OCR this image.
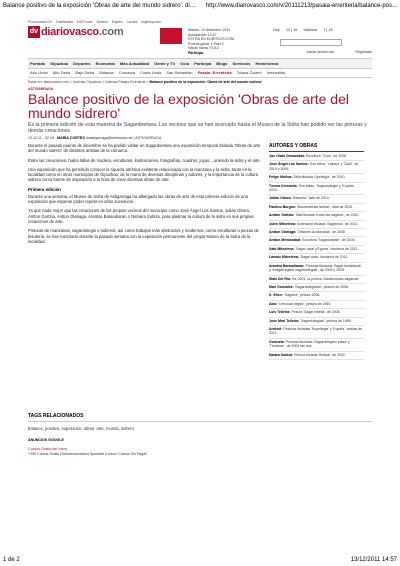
Balance positivo de la exposición 'Obras de arte del mundo sidrero'. di… http://www.diariovasco.com/v/20111213/pasaia-errenteria/balance-pos...
Promociones DV Clasificados 11870.com Vocento Empleo Coches mujerhoy.com
dv diariovasco.com	Martes, 13 diciembre 2011
Actualizado 14:47
EXTRA EN EUROSOS.COM
Podrás ganar 1.Pset 2
Válido hasta 7/1/12
Participa
Hoy 12 | 16 Mañana 7 | 15
Iniciar sesión con	Regístrate
Portada Gipuzkoa Deportes Economía Más Actualidad Gente y TV Ocio Participa Blogs Servicios Hemeroteca
Alto Urola Alto Deba Bajo Deba Bidasoa Comarca Costa Urola San Sebastián Pasaia -Errenteria Tolosa-Goierri Inmuebles
Estás en: diariovasco.com > Noticias Gipuzkoa > Noticias Pasaia Errenteria > Balance positivo de la exposición 'Obras de arte del mundo sidrero'
ASTIGARRAGA
Balance positivo de la exposición 'Obras de arte del mundo sidrero'
Es la primera edición de esta muestra de Sagardoetxea. Los vecinos que se han acercado hasta el Museo de la Sidra han podido ver las pinturas y demás creaciones
13.12.11 - 02:18 - MARÍA CORTÉS dvastigarraga@telefonica.net | ASTIGARRAGA.

Durante el pasado puente de diciembre se ha podido visitar en Sagardoetxea una exposición temporal titulada 'Obras de arte del mundo sidrero' de distintos artistas de la comarca.

Entre las creaciones, había tallas de madera, esculturas, ilustraciones, fotografías, cuadros, joyas....uniendo la sidra y el arte.

Una exposición que ha permitido conocer la riqueza artística existente relacionada con la manzana y la sidra, tanto en la localidad como en otros municipios de Gipuzkoa, de la mano de diversas disciplinas y autores, y la importancia de la cultura sidrera como fuente de inspiración a la hora de crear diversas obras de arte.

Primera edición

Durante una semana, el Museo de Sidra de Astigarraga ha albergado las obras de arte de esta primera edición de una exposición que esperan poder repetir en años sucesivos.

Ya que nada mejor que las creaciones de los propios vecinos del municipio como José Ángel Los Santos, Julián Olarra, Antton Gartzia, Antton Olariaga, Arantxa Barandiaran o Nahiara Subiza, para plasmar la cultura de la sidra en sus propias creaciones de arte.

Pinturas de manzanas, sagardotegis o sidreros, así como trabajos más abstractos y modernos, como esculturas o piezas de bisutería, se han mezclado durante la pasada semana con la exposición permanente del propio Museo de la Sidra de la localidad.

AUTORES Y OBRAS
Jon Olabi Ormazabal: Escultura 'Txolo', de 2008.
Jose Ángel Los Santos: Dos óleos, 'Lalmus' y 'Zaldi', de 2010 y 2009.
Felipe Muñoa: Talla titulada 'Upellegia', de 2010.
Txema Urrestola: Dos tallas, 'Sagardotegia' y 'Kupela', 2010.
Julián Olarra: 'Basoma', talla de 2010.
Paulino Burgos: 'Basoetxeraia lanean', talla de 2010.
Antton Gartzia: Talla titulada 'Koba eta sagarra', de 2010.
Julen Mitxelena: Ilustración titulada 'Sagardoa', de 2011.
Antton Olariaga: 'Desnien Acoltzoaiak', de 2008.
Antton Mendizabal: Escultura 'Sagardotzale', de 2005.
Xabi Mitxelena: 'Sagar ustai y Egurra', bisutería de 2011.
Lamaiz Mitxelena: 'Sagar data', bisutería de 2011.
Arantxa Barandiaran: Pinturas tituladas 'Sagar burtaldeak' y 'Antigarragako sagardotegiak', de 2006 y 2005.
Iñaki Del Rio: De 2001, la pintura 'Zabalondoko sagarrak'.
Mari González: 'Sagardotegietan', pintura de 2008.
K. Erice: 'Sagarra', pintura 2008.
Aiax: 'Lehouak begira', pintura de 1960.
Luis Telleria: Pintura 'Sagar billetia', de 2008.
Jose Mari Telleria: 'Sagardotegian', pintura de 1980.
Arritxel: Pinturas tituladas 'Kupellegia' y 'Kupela', ambas de 2011.
Goiznela: Pinturas tituladas 'Sagardotegiko plazá' y 'Txiotetan', de 2004 las dos.
Naiara Subiza: Pintura titulada 'Botilak', de 2002.
TAGS RELACIONADOS
balance, positivo, exposición, obras, arte, mundo, sidrero
ANUNCIOS GOOGLE
Cursos Gratis del Inem
+290 Cursos Gratis (Subvencionados) Apúntate e hacer Cursos Sin Paga!!
1 de 2	13/12/2011 14:57
